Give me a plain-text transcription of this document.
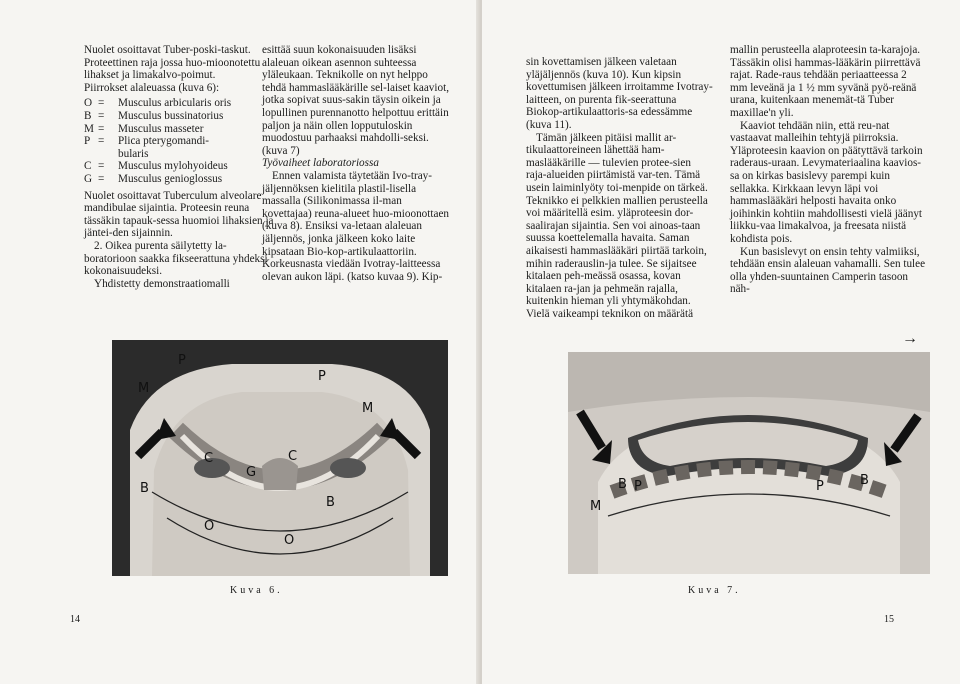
Nuolet osoittavat Tuber-poski-taskut. Proteettinen raja jossa huo-mioonotettu lihakset ja limakalvo-poimut.

Piirrokset alaleuassa (kuva 6):

O =	Musculus arbicularis oris
B =	Musculus bussinatorius
M =	Musculus masseter
P =	Plica pterygomandi-
bularis
C =	Musculus mylohyoideus
G =	Musculus genioglossus

Nuolet osoittavat Tuberculum alveolare mandibulae sijaintia. Proteesin reuna tässäkin tapauk-sessa huomioi lihaksien ja jäntei-den sijainnin.

2. Oikea purenta säilytetty la-boratorioon saakka fikseerattuna yhdeksi kokonaisuudeksi.

Yhdistetty demonstraatiomalli

esittää suun kokonaisuuden lisäksi alaleuan oikean asennon suhteessa yläleukaan. Teknikolle on nyt helppo tehdä hammaslääkärille sel-laiset kaaviot, jotka sopivat suus-sakin täysin oikein ja lopullinen purennanotto helpottuu erittäin paljon ja näin ollen lopputuloskin muodostuu parhaaksi mahdolli-seksi. (kuva 7)

Työvaiheet laboratoriossa

Ennen valamista täytetään Ivo-tray-jäljennöksen kielitila plastil-lisella massalla (Silikonimassa il-man kovettajaa) reuna-alueet huo-mioonottaen (kuva 8). Ensiksi va-letaan alaleuan jäljennös, jonka jälkeen koko laite kipsataan Bio-kop-artikulaattoriin. Korkeusnasta viedään Ivotray-laitteessa olevan aukon läpi. (katso kuvaa 9). Kip-

P
P
M
M
C
G
C
B
B
O
O
Kuva 6.
14

sin kovettamisen jälkeen valetaan yläjäljennös (kuva 10). Kun kipsin kovettumisen jälkeen irroitamme Ivotray-laitteen, on purenta fik-seerattuna Biokop-artikulaattoris-sa edessämme (kuva 11).

Tämän jälkeen pitäisi mallit ar-tikulaattoreineen lähettää ham-maslääkärille — tulevien protee-sien raja-alueiden piirtämistä var-ten. Tämä usein laiminlyöty toi-menpide on tärkeä. Teknikko ei pelkkien mallien perusteella voi määritellä esim. yläproteesin dor-saalirajan sijaintia. Sen voi ainoas-taan suussa koettelemalla havaita. Saman aikaisesti hammaslääkäri piirtää tarkoin, mihin raderauslin-ja tulee. Se sijaitsee kitalaen peh-meässä osassa, kovan kitalaen ra-jan ja pehmeän rajalla, kuitenkin hieman yli yhtymäkohdan. Vielä vaikeampi teknikon on määrätä

mallin perusteella alaproteesin ta-karajoja. Tässäkin olisi hammas-lääkärin piirrettävä rajat. Rade-raus tehdään periaatteessa 2 mm leveänä ja 1 ½ mm syvänä pyö-reänä urana, kuitenkaan menemät-tä Tuber maxillae'n yli.

Kaaviot tehdään niin, että reu-nat vastaavat malleihin tehtyjä piirroksia. Yläproteesin kaavion on päätyttävä tarkoin raderaus-uraan. Levymateriaalina kaavios-sa on kirkas basislevy parempi kuin sellakka. Kirkkaan levyn läpi voi hammaslääkäri helposti havaita onko joihinkin kohtiin mahdollisesti vielä jäänyt liikku-vaa limakalvoa, ja freesata niistä kohdista pois.

Kun basislevyt on ensin tehty valmiiksi, tehdään ensin alaleuan vahamalli. Sen tulee olla yhden-suuntainen Camperin tasoon näh-

→
M
B P	P	B
Kuva 7.
15
